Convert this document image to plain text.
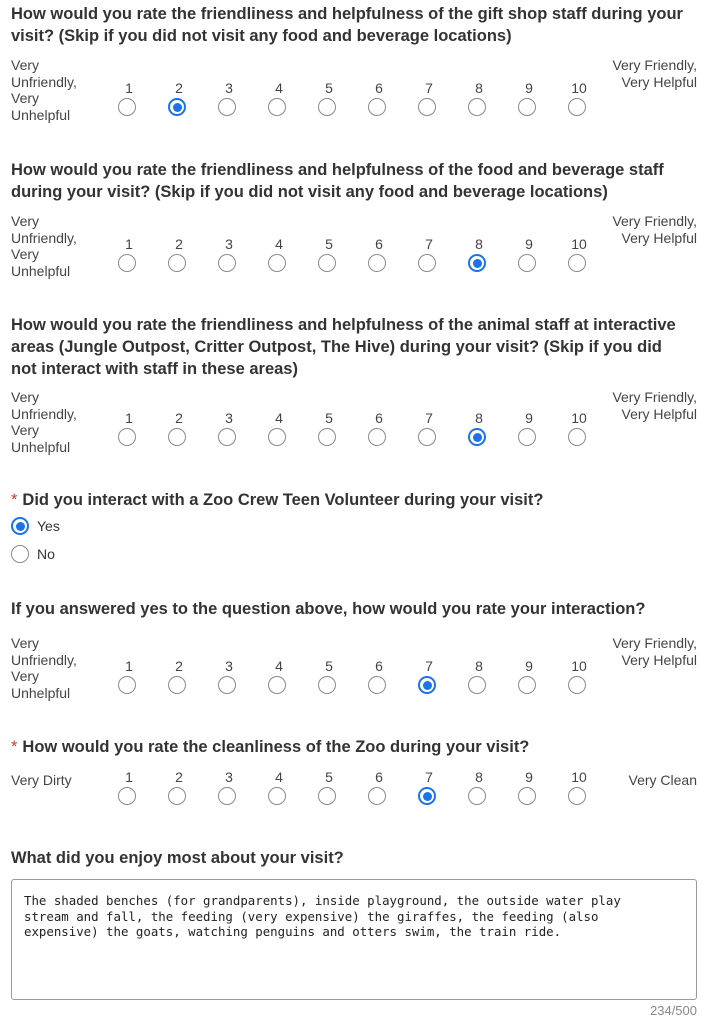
How would you rate the friendliness and helpfulness of the gift shop staff during your visit? (Skip if you did not visit any food and beverage locations)
Very
Unfriendly,
Very
Unhelpful
Very Friendly,
Very Helpful
1	2	3	4	5	6	7	8	9	10
How would you rate the friendliness and helpfulness of the food and beverage staff during your visit? (Skip if you did not visit any food and beverage locations)
Very
Unfriendly,
Very
Unhelpful
Very Friendly,
Very Helpful
1	2	3	4	5	6	7	8	9	10
How would you rate the friendliness and helpfulness of the animal staff at interactive areas (Jungle Outpost, Critter Outpost, The Hive) during your visit? (Skip if you did not interact with staff in these areas)
Very
Unfriendly,
Very
Unhelpful
Very Friendly,
Very Helpful
1	2	3	4	5	6	7	8	9	10
* Did you interact with a Zoo Crew Teen Volunteer during your visit?
Yes
No
If you answered yes to the question above, how would you rate your interaction?
Very
Unfriendly,
Very
Unhelpful
Very Friendly,
Very Helpful
1	2	3	4	5	6	7	8	9	10
* How would you rate the cleanliness of the Zoo during your visit?
Very Dirty	Very Clean
1	2	3	4	5	6	7	8	9	10
What did you enjoy most about your visit?
The shaded benches (for grandparents), inside playground, the outside water play
stream and fall, the feeding (very expensive) the giraffes, the feeding (also
expensive) the goats, watching penguins and otters swim, the train ride.
234/500
